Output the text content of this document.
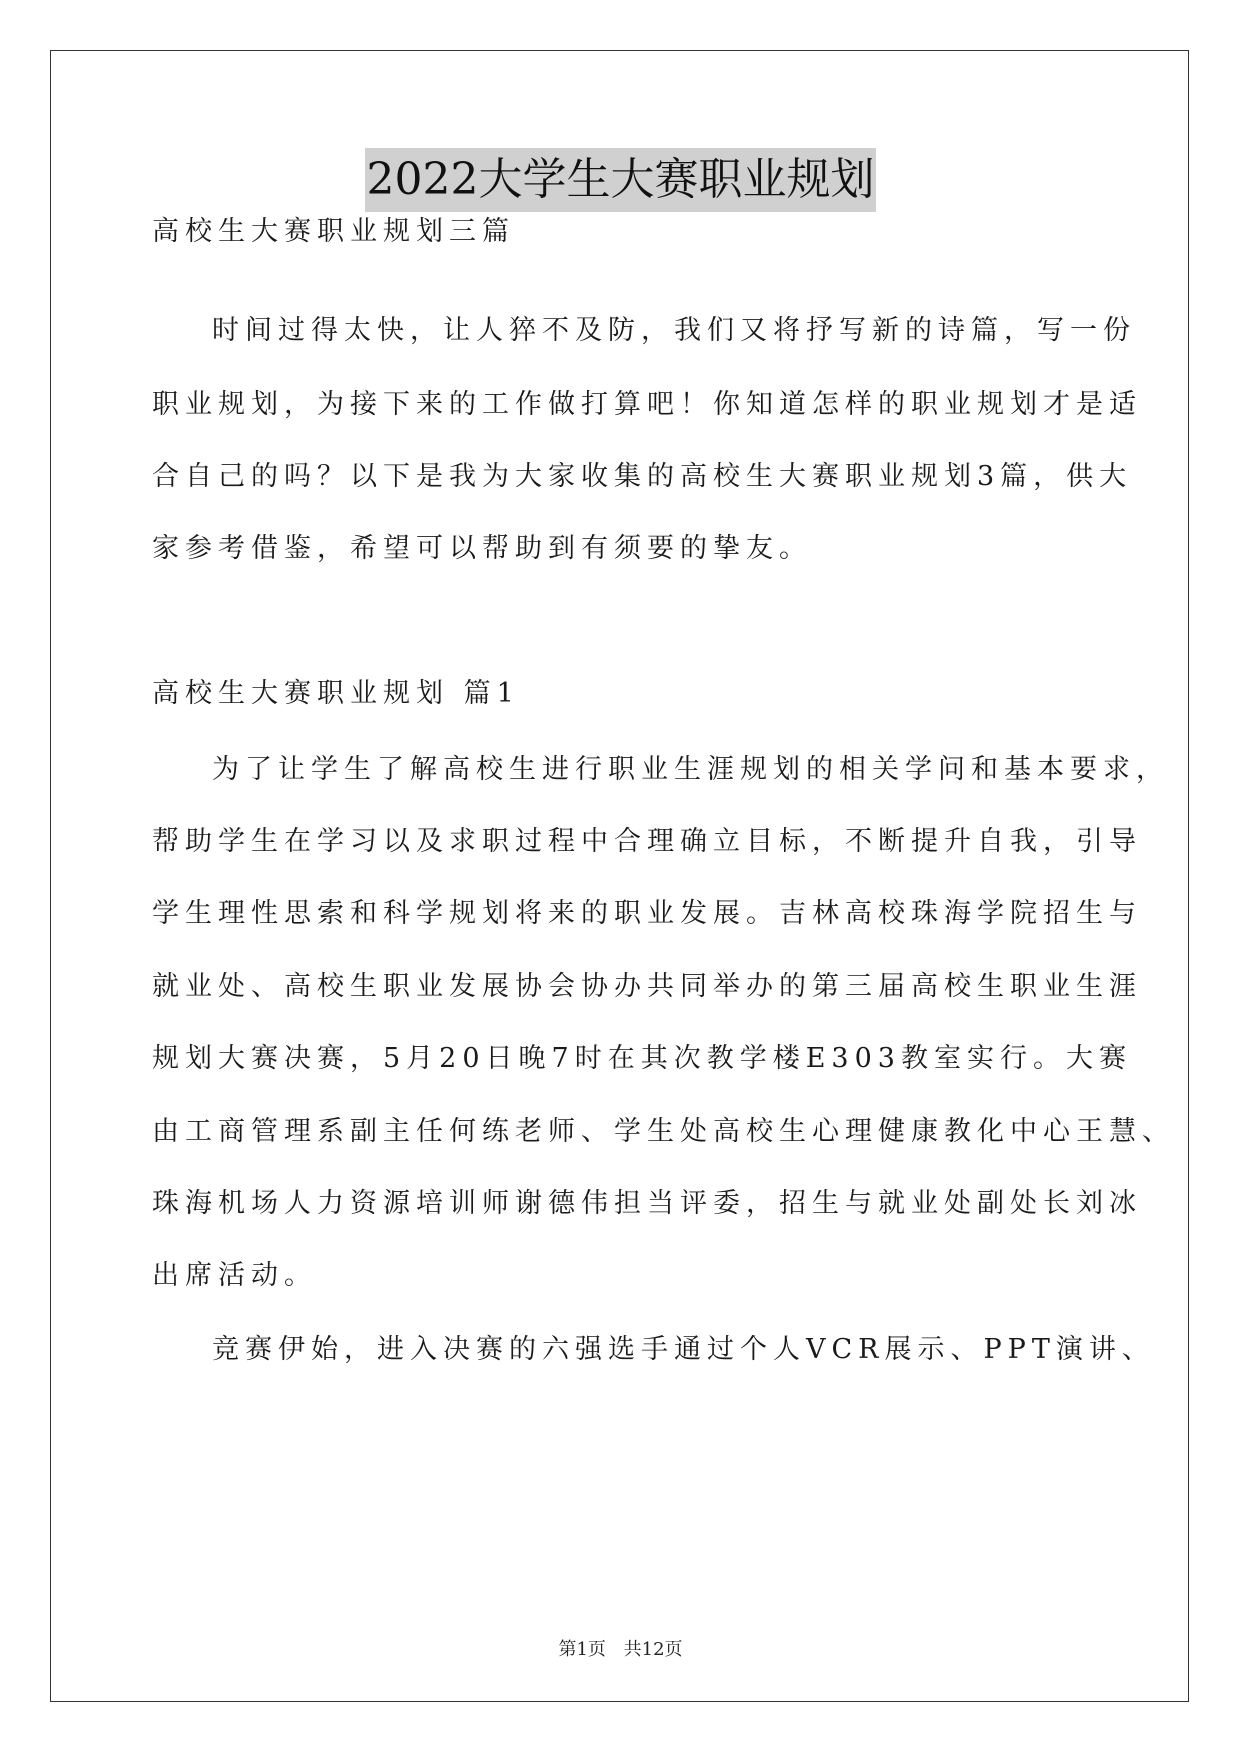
2022大学生大赛职业规划
高校生大赛职业规划三篇
时间过得太快，让人猝不及防，我们又将抒写新的诗篇，写一份
职业规划，为接下来的工作做打算吧！你知道怎样的职业规划才是适
合自己的吗？以下是我为大家收集的高校生大赛职业规划3篇，供大
家参考借鉴，希望可以帮助到有须要的挚友。
高校生大赛职业规划 篇1
为了让学生了解高校生进行职业生涯规划的相关学问和基本要求，
帮助学生在学习以及求职过程中合理确立目标，不断提升自我，引导
学生理性思索和科学规划将来的职业发展。吉林高校珠海学院招生与
就业处、高校生职业发展协会协办共同举办的第三届高校生职业生涯
规划大赛决赛，5月20日晚7时在其次教学楼E303教室实行。大赛
由工商管理系副主任何练老师、学生处高校生心理健康教化中心王慧、
珠海机场人力资源培训师谢德伟担当评委，招生与就业处副处长刘冰
出席活动。
竞赛伊始，进入决赛的六强选手通过个人VCR展示、PPT演讲、
第1页 共12页
